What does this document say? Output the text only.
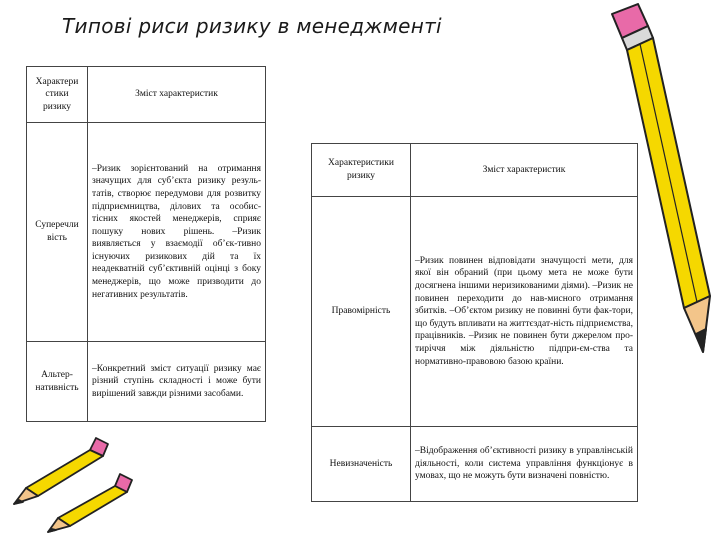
Типові риси ризику в менеджменті
Характери стики ризику	Зміст характеристик
Суперечли вість	–Ризик зорієнтований на отримання значущих для суб’єкта ризику резуль-татів, створює передумови для розвитку підприємництва, ділових та особис-тісних якостей менеджерів, сприяє пошуку нових рішень. –Ризик виявляється у взаємодії об’єк-тивно існуючих ризикових дій та їх неадекватній суб’єктивній оцінці з боку менеджерів, що може призводити до негативних результатів.
Альтер-нативність	–Конкретний зміст ситуації ризику має різний ступінь складності і може бути вирішений завжди різними засобами.
Характеристики ризику	Зміст характеристик
Правомірність	–Ризик повинен відповідати значущості мети, для якої він обраний (при цьому мета не може бути досягнена іншими неризикованими діями). –Ризик не повинен переходити до нав-мисного отримання збитків. –Об’єктом ризику не повинні бути фак-тори, що будуть впливати на життєздат-ність підприємства, працівників. –Ризик не повинен бути джерелом про-тиріччя між діяльністю підпри-єм-ства та нормативно-правовою базою країни.
Невизначеність	–Відображення об’єктивності ризику в управлінській діяльності, коли система управління функціонує в умовах, що не можуть бути визначені повністю.
